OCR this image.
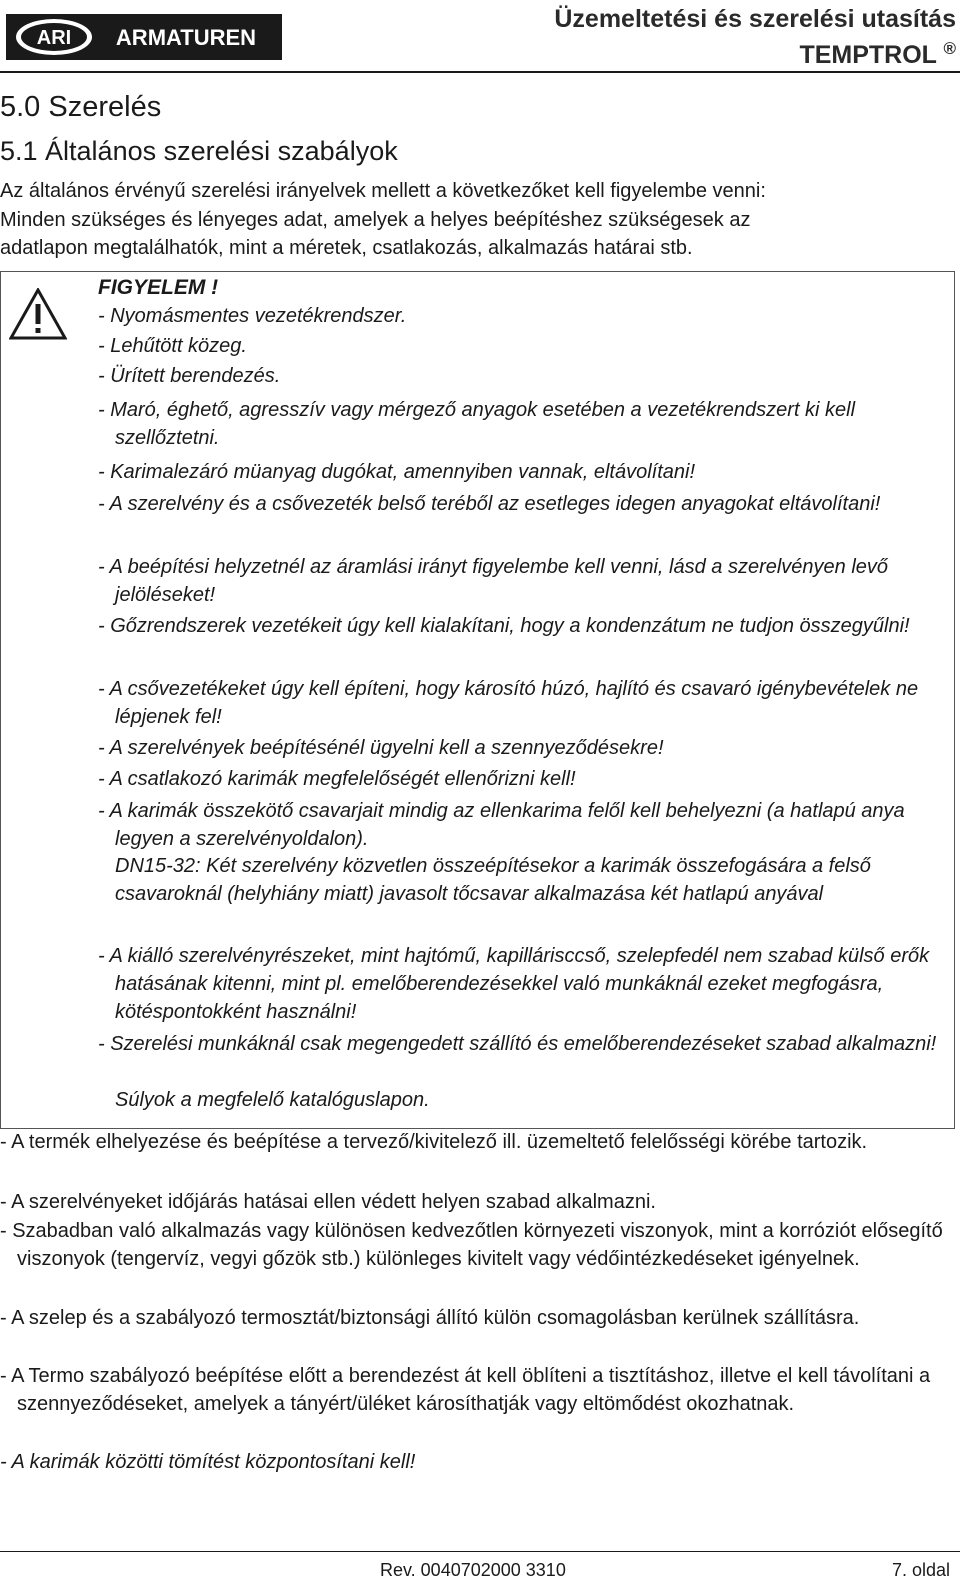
ARI ARMATUREN
Üzemeltetési és szerelési utasítás
TEMPTROL ®
5.0 Szerelés
5.1 Általános szerelési szabályok
Az általános érvényű szerelési irányelvek mellett a következőket kell figyelembe venni:
Minden szükséges és lényeges adat, amelyek a helyes beépítéshez szükségesek az
adatlapon megtalálhatók, mint a méretek, csatlakozás, alkalmazás határai stb.
FIGYELEM !
- Nyomásmentes vezetékrendszer.
- Lehűtött közeg.
- Ürített berendezés.
- Maró, éghető, agresszív vagy mérgező anyagok esetében a vezetékrendszert ki kell szellőztetni.
- Karimalezáró müanyag dugókat, amennyiben vannak, eltávolítani!
- A szerelvény és a csővezeték belső teréből az esetleges idegen anyagokat eltávolítani!
- A beépítési helyzetnél az áramlási irányt figyelembe kell venni, lásd a szerelvényen levő jelöléseket!
- Gőzrendszerek vezetékeit úgy kell kialakítani, hogy a kondenzátum ne tudjon összegyűlni!
- A csővezetékeket úgy kell építeni, hogy károsító húzó, hajlító és csavaró igénybevételek ne lépjenek fel!
- A szerelvények beépítésénél ügyelni kell a szennyeződésekre!
- A csatlakozó karimák megfelelőségét ellenőrizni kell!
- A karimák összekötő csavarjait mindig az ellenkarima felől kell behelyezni (a hatlapú anya legyen a szerelvényoldalon).
DN15-32: Két szerelvény közvetlen összeépítésekor a karimák összefogására a felső csavaroknál (helyhiány miatt) javasolt tőcsavar alkalmazása két hatlapú anyával
- A kiálló szerelvényrészeket, mint hajtómű, kapillárisccső, szelepfedél nem szabad külső erők hatásának kitenni, mint pl. emelőberendezésekkel való munkáknál ezeket megfogásra, kötéspontokként használni!
- Szerelési munkáknál csak megengedett szállító és emelőberendezéseket szabad alkalmazni!
Súlyok a megfelelő katalóguslapon.
- A termék elhelyezése és beépítése a tervező/kivitelező ill. üzemeltető felelősségi körébe tartozik.
- A szerelvényeket időjárás hatásai ellen védett helyen szabad alkalmazni.
- Szabadban való alkalmazás vagy különösen kedvezőtlen környezeti viszonyok, mint a korróziót elősegítő viszonyok (tengervíz, vegyi gőzök stb.) különleges kivitelt vagy védőintézkedéseket igényelnek.
- A szelep és a szabályozó termosztát/biztonsági állító külön csomagolásban kerülnek szállításra.
- A Termo szabályozó beépítése előtt a berendezést át kell öblíteni a tisztításhoz, illetve el kell távolítani a szennyeződéseket, amelyek a tányért/üléket károsíthatják vagy eltömődést okozhatnak.
- A karimák közötti tömítést központosítani kell!
Rev. 0040702000 3310	7. oldal
